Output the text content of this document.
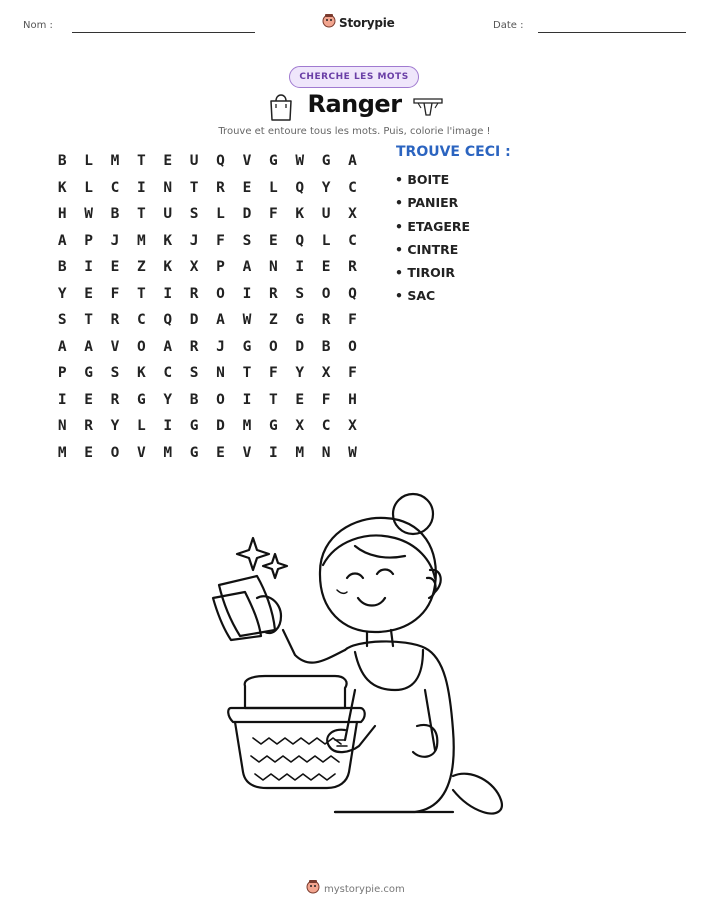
Nom :	Storypie	Date :
CHERCHE LES MOTS
Ranger
Trouve et entoure tous les mots. Puis, colorie l'image !
B	L	M	T	E	U	Q	V	G	W	G	A
K	L	C	I	N	T	R	E	L	Q	Y	C
H	W	B	T	U	S	L	D	F	K	U	X
A	P	J	M	K	J	F	S	E	Q	L	C
B	I	E	Z	K	X	P	A	N	I	E	R
Y	E	F	T	I	R	O	I	R	S	O	Q
S	T	R	C	Q	D	A	W	Z	G	R	F
A	A	V	O	A	R	J	G	O	D	B	O
P	G	S	K	C	S	N	T	F	Y	X	F
I	E	R	G	Y	B	O	I	T	E	F	H
N	R	Y	L	I	G	D	M	G	X	C	X
M	E	O	V	M	G	E	V	I	M	N	W
TROUVE CECI :
• BOITE
• PANIER
• ETAGERE
• CINTRE
• TIROIR
• SAC
mystorypie.com
